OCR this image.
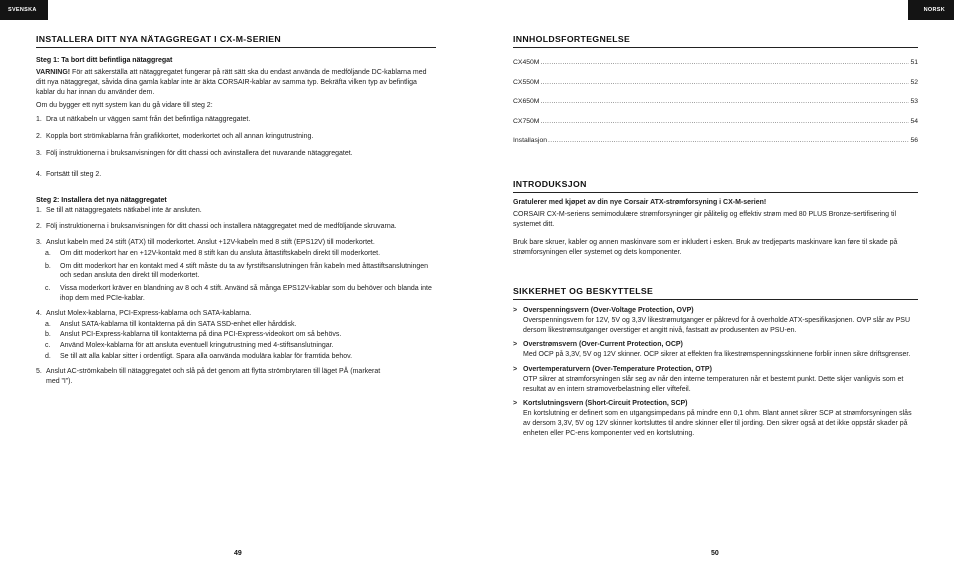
SVENSKA	NORSK
INSTALLERA DITT NYA NÄTAGGREGAT I CX-M-SERIEN
Steg 1: Ta bort ditt befintliga nätaggregat

VARNING! För att säkerställa att nätaggregatet fungerar på rätt sätt ska du endast använda de medföljande DC-kablarna med ditt nya nätaggregat, såvida dina gamla kablar inte är äkta CORSAIR-kablar av samma typ. Bekräfta vilken typ av befintliga kablar du har innan du använder dem.

Om du bygger ett nytt system kan du gå vidare till steg 2:

1. Dra ut nätkabeln ur väggen samt från det befintliga nätaggregatet.
2. Koppla bort strömkablarna från grafikkortet, moderkortet och all annan kringutrustning.
3. Följ instruktionerna i bruksanvisningen för ditt chassi och avinstallera det nuvarande nätaggregatet.
4. Fortsätt till steg 2.
Steg 2: Installera det nya nätaggregatet
1. Se till att nätaggregatets nätkabel inte är ansluten.
2. Följ instruktionerna i bruksanvisningen för ditt chassi och installera nätaggregatet med de medföljande skruvarna.
3. Anslut kabeln med 24 stift (ATX) till moderkortet. Anslut +12V-kabeln med 8 stift (EPS12V) till moderkortet.
a. Om ditt moderkort har en +12V-kontakt med 8 stift kan du ansluta åttastiftskabeln direkt till moderkortet.
b. Om ditt moderkort har en kontakt med 4 stift måste du ta av fyrstiftsanslutningen från kabeln med åttastiftsanslutningen och sedan ansluta den direkt till moderkortet.
c. Vissa moderkort kräver en blandning av 8 och 4 stift. Använd så många EPS12V-kablar som du behöver och blanda inte ihop dem med PCIe-kablar.
4. Anslut Molex-kablarna, PCI-Express-kablarna och SATA-kablarna.
a. Anslut SATA-kablarna till kontakterna på din SATA SSD-enhet eller hårddisk.
b. Anslut PCI-Express-kablarna till kontakterna på dina PCI-Express-videokort om så behövs.
c. Använd Molex-kablarna för att ansluta eventuell kringutrustning med 4-stiftsanslutningar.
d. Se till att alla kablar sitter i ordentligt. Spara alla oanvända modulära kablar för framtida behov.
5. Anslut AC-strömkabeln till nätaggregatet och slå på det genom att flytta strömbrytaren till läget PÅ (markerat med ”I”).
49
INNHOLDSFORTEGNELSE
CX450M .....	51
CX550M .....	52
CX650M .....	53
CX750M .....	54
Installasjon .....	56
INTRODUKSJON

Gratulerer med kjøpet av din nye Corsair ATX-strømforsyning i CX-M-serien!

CORSAIR CX-M-seriens semimodulære strømforsyninger gir pålitelig og effektiv strøm med 80 PLUS Bronze-sertifisering til systemet ditt.

Bruk bare skruer, kabler og annen maskinvare som er inkludert i esken. Bruk av tredjeparts maskinvare kan føre til skade på strømforsyningen eller systemet og dets komponenter.

SIKKERHET OG BESKYTTELSE
> Overspenningsvern (Over-Voltage Protection, OVP)
Overspenningsvern for 12V, 5V og 3,3V likestrømutganger er påkrevd for å overholde ATX-spesifikasjonen. OVP slår av PSU dersom likestrømsutganger overstiger et angitt nivå, fastsatt av produsenten av PSU-en.
> Overstrømsvern (Over-Current Protection, OCP)
Med OCP på 3,3V, 5V og 12V skinner. OCP sikrer at effekten fra likestrømspenningsskinnene forblir innen sikre driftsgrenser.
> Overtemperaturvern (Over-Temperature Protection, OTP)
OTP sikrer at strømforsyningen slår seg av når den interne temperaturen når et bestemt punkt. Dette skjer vanligvis som et resultat av en intern strømoverbelastning eller viftefeil.
> Kortslutningsvern (Short-Circuit Protection, SCP)
En kortslutning er definert som en utgangsimpedans på mindre enn 0,1 ohm. Blant annet sikrer SCP at strømforsyningen slås av dersom 3,3V, 5V og 12V skinner kortsluttes til andre skinner eller til jording. Den sikrer også at det ikke oppstår skader på enheten eller PC-ens komponenter ved en kortslutning.
50
